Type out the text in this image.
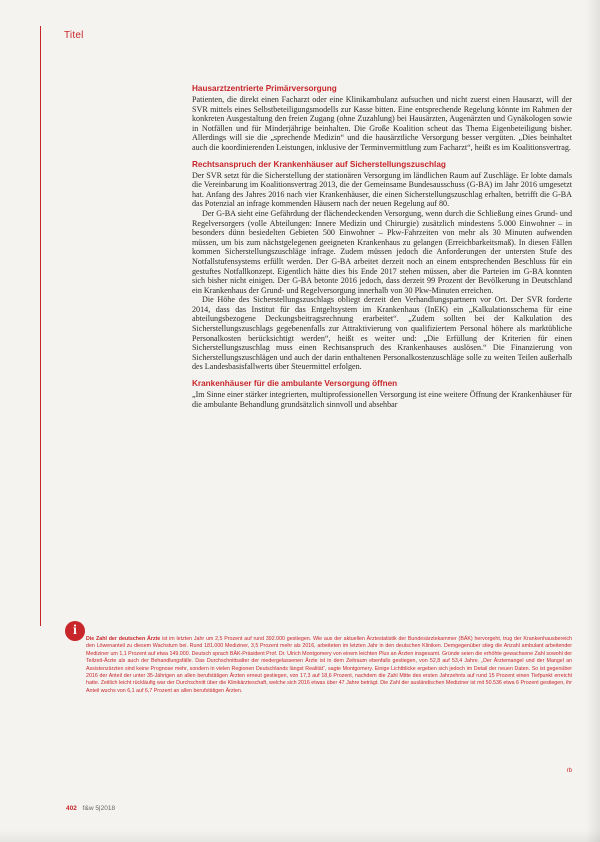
Titel

Hausarztzentrierte Primärversorgung

Patienten, die direkt einen Facharzt oder eine Klinikambulanz aufsuchen und nicht zuerst einen Hausarzt, will der SVR mittels eines Selbstbeteiligungsmodells zur Kasse bitten. Eine entsprechende Regelung könnte im Rahmen der konkreten Ausgestaltung den freien Zugang (ohne Zuzahlung) bei Hausärzten, Augenärzten und Gynäkologen sowie in Notfällen und für Minderjährige beinhalten. Die Große Koalition scheut das Thema Eigenbeteiligung bisher. Allerdings will sie die „sprechende Medizin“ und die hausärztliche Versorgung besser vergüten. „Dies beinhaltet auch die koordinierenden Leistungen, inklusive der Terminvermittlung zum Facharzt“, heißt es im Koalitionsvertrag.

Rechtsanspruch der Krankenhäuser auf Sicherstellungszuschlag

Der SVR setzt für die Sicherstellung der stationären Versorgung im ländlichen Raum auf Zuschläge. Er lobte damals die Vereinbarung im Koalitionsvertrag 2013, die der Gemeinsame Bundesausschuss (G-BA) im Jahr 2016 umgesetzt hat. Anfang des Jahres 2016 nach vier Krankenhäuser, die einen Sicherstellungszuschlag erhalten, betrifft die G-BA das Potenzial an infrage kommenden Häusern nach der neuen Regelung auf 80.

Der G-BA sieht eine Gefährdung der flächendeckenden Versorgung, wenn durch die Schließung eines Grund- und Regelversorgers (volle Abteilungen: Innere Medizin und Chirurgie) zusätzlich mindestens 5.000 Einwohner – in besonders dünn besiedelten Gebieten 500 Einwohner – Pkw-Fahrzeiten von mehr als 30 Minuten aufwenden müssen, um bis zum nächstgelegenen geeigneten Krankenhaus zu gelangen (Erreichbarkeitsmaß). In diesen Fällen kommen Sicherstellungszuschläge infrage. Zudem müssen jedoch die Anforderungen der untersten Stufe des Notfallstufensystems erfüllt werden. Der G-BA arbeitet derzeit noch an einem entsprechenden Beschluss für ein gestuftes Notfallkonzept. Eigentlich hätte dies bis Ende 2017 stehen müssen, aber die Parteien im G-BA konnten sich bisher nicht einigen. Der G-BA betonte 2016 jedoch, dass derzeit 99 Prozent der Bevölkerung in Deutschland ein Krankenhaus der Grund- und Regelversorgung innerhalb von 30 Pkw-Minuten erreichen.

Die Höhe des Sicherstellungszuschlags obliegt derzeit den Verhandlungspartnern vor Ort. Der SVR forderte 2014, dass das Institut für das Entgeltsystem im Krankenhaus (InEK) ein „Kalkulationsschema für eine abteilungsbezogene Deckungsbeitragsrechnung erarbeitet“. „Zudem sollten bei der Kalkulation des Sicherstellungszuschlags gegebenenfalls zur Attraktivierung von qualifiziertem Personal höhere als marktübliche Personalkosten berücksichtigt werden“, heißt es weiter und: „Die Erfüllung der Kriterien für einen Sicherstellungszuschlag muss einen Rechtsanspruch des Krankenhauses auslösen.“ Die Finanzierung von Sicherstellungszuschlägen und auch der darin enthaltenen Personalkostenzuschläge solle zu weiten Teilen außerhalb des Landesbasisfallwerts über Steuermittel erfolgen.

Krankenhäuser für die ambulante Versorgung öffnen

„Im Sinne einer stärker integrierten, multiprofessionellen Versorgung ist eine weitere Öffnung der Krankenhäuser für die ambulante Behandlung grundsätzlich sinnvoll und absehbar

i

Die Zahl der deutschen Ärzte ist im letzten Jahr um 2,5 Prozent auf rund 392.000 gestiegen. Wie aus der aktuellen Ärztestatistik der Bundesärztekammer (BÄK) hervorgeht, trug der Krankenhausbereich den Löwenanteil zu diesem Wachstum bei. Rund 181.000 Mediziner, 3,5 Prozent mehr als 2016, arbeiteten im letzten Jahr in den deutschen Kliniken. Demgegenüber stieg die Anzahl ambulant arbeitender Mediziner um 1,1 Prozent auf etwa 149.000. Deutsch sprach BÄK-Präsident Prof. Dr. Ulrich Montgomery von einem leichten Plus an Ärzten insgesamt. Gründe seien die erhöhte gewachsene Zahl sowohl der Teilzeit-Ärzte als auch der Behandlungsfälle. Das Durchschnittsalter der niedergelassenen Ärzte ist in dem Zeitraum ebenfalls gestiegen, von 52,8 auf 53,4 Jahre. „Der Ärztemangel und der Mangel an Assistenzärzten sind keine Prognose mehr, sondern in vielen Regionen Deutschlands längst Realität“, sagte Montgomery. Einige Lichtblicke ergeben sich jedoch im Detail der neuen Daten. So ist gegenüber 2016 der Anteil der unter 35-Jährigen an allen berufstätigen Ärzten erneut gestiegen, von 17,3 auf 18,6 Prozent, nachdem die Zahl Mitte des ersten Jahrzehnts auf rund 15 Prozent einen Tiefpunkt erreicht hatte. Zeitlich leicht rückläufig war der Durchschnitt über die Klinikärzteschaft, welche sich 2016 etwas über 47 Jahre beträgt. Die Zahl der ausländischen Mediziner ist mit 50.536 etwa 6 Prozent gestiegen, ihr Anteil wuchs von 6,1 auf 6,7 Prozent an allen berufstätigen Ärzten.

rb
402 f&w 5|2018
